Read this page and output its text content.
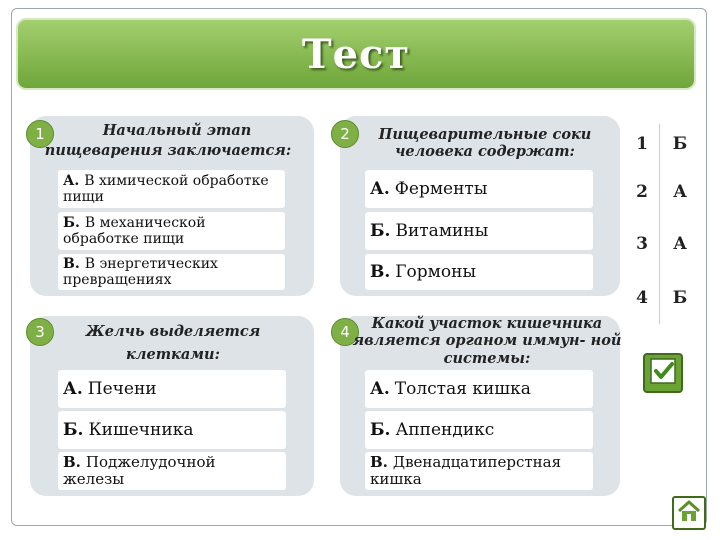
Тест
1	Начальный этап
пищеварения заключается:
А. В химической обработке
пищи
Б. В механической
обработке пищи
В. В энергетических
превращениях
2	Пищеварительные соки
человека содержат:
А. Ферменты
Б. Витамины
В. Гормоны
3	Желчь выделяется
клетками:
А. Печени
Б. Кишечника
В. Поджелудочной
железы
4	Какой участок кишечника
является органом иммун- ной
системы:
А. Толстая кишка
Б. Аппендикс
В. Двенадцатиперстная
кишка
1	Б
2	А
3	А
4	Б
